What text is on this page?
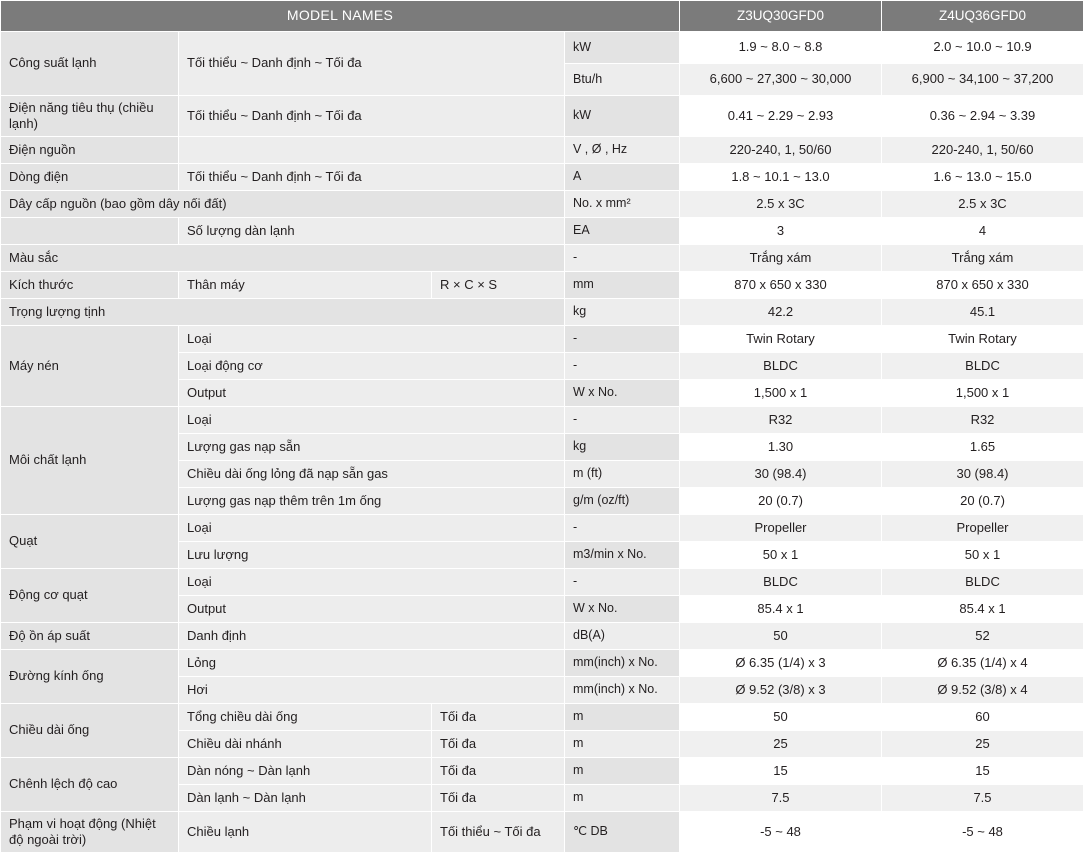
MODEL NAMES				Z3UQ30GFD0	Z4UQ36GFD0
Công suất lạnh	Tối thiểu ~ Danh định ~ Tối đa		kW	1.9 ~ 8.0 ~ 8.8	2.0 ~ 10.0 ~ 10.9
			Btu/h	6,600 ~ 27,300 ~ 30,000	6,900 ~ 34,100 ~ 37,200
Điện năng tiêu thụ (chiều lạnh)	Tối thiểu ~ Danh định ~ Tối đa		kW	0.41 ~ 2.29 ~ 2.93	0.36 ~ 2.94 ~ 3.39
Điện nguồn			V , Ø , Hz	220-240, 1, 50/60	220-240, 1, 50/60
Dòng điện	Tối thiểu ~ Danh định ~ Tối đa		A	1.8 ~ 10.1 ~ 13.0	1.6 ~ 13.0 ~ 15.0
Dây cấp nguồn (bao gồm dây nối đất)			No. x mm²	2.5 x 3C	2.5 x 3C
	Số lượng dàn lạnh		EA	3	4
Màu sắc			-	Trắng xám	Trắng xám
Kích thước	Thân máy	R × C × S	mm	870 x 650 x 330	870 x 650 x 330
Trọng lượng tịnh			kg	42.2	45.1
Máy nén	Loại		-	Twin Rotary	Twin Rotary
	Loại động cơ		-	BLDC	BLDC
	Output		W x No.	1,500 x 1	1,500 x 1
Môi chất lạnh	Loại		-	R32	R32
	Lượng gas nạp sẵn		kg	1.30	1.65
	Chiều dài ống lỏng đã nạp sẵn gas		m (ft)	30 (98.4)	30 (98.4)
	Lượng gas nạp thêm trên 1m ống		g/m (oz/ft)	20 (0.7)	20 (0.7)
Quạt	Loại		-	Propeller	Propeller
	Lưu lượng		m3/min x No.	50 x 1	50 x 1
Động cơ quạt	Loại		-	BLDC	BLDC
	Output		W x No.	85.4 x 1	85.4 x 1
Độ ồn áp suất	Danh định		dB(A)	50	52
Đường kính ống	Lỏng		mm(inch) x No.	Ø 6.35 (1/4) x 3	Ø 6.35 (1/4) x 4
	Hơi		mm(inch) x No.	Ø 9.52 (3/8) x 3	Ø 9.52 (3/8) x 4
Chiều dài ống	Tổng chiều dài ống	Tối đa	m	50	60
	Chiều dài nhánh	Tối đa	m	25	25
Chênh lệch độ cao	Dàn nóng ~ Dàn lạnh	Tối đa	m	15	15
	Dàn lạnh ~ Dàn lạnh	Tối đa	m	7.5	7.5
Phạm vi hoạt động (Nhiệt độ ngoài trời)	Chiều lạnh	Tối thiểu ~ Tối đa	℃ DB	-5 ~ 48	-5 ~ 48
